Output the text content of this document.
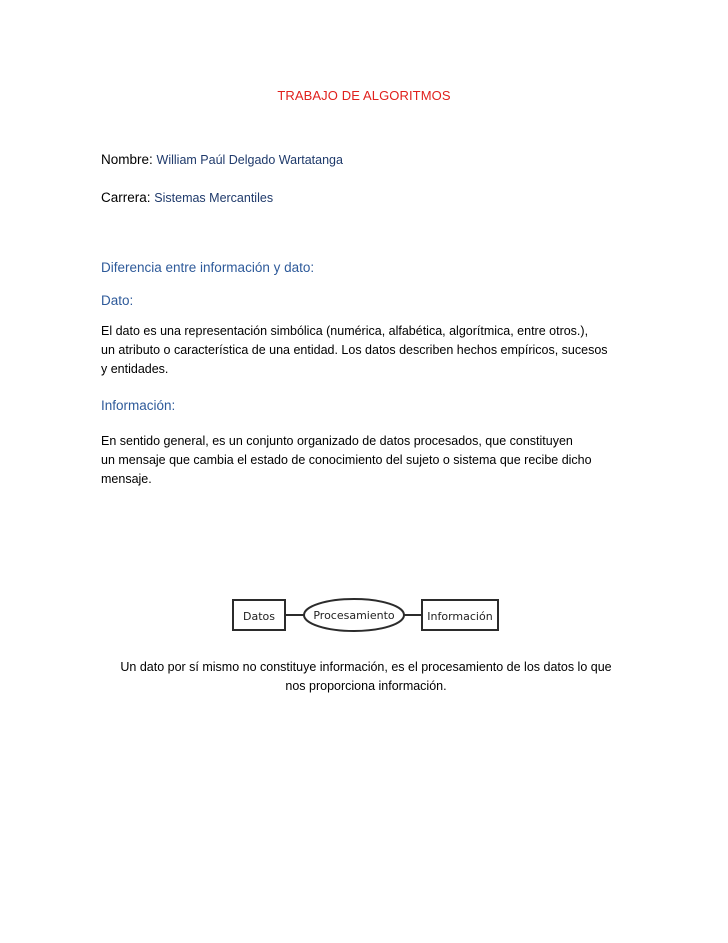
TRABAJO DE ALGORITMOS
Nombre: William Paúl Delgado Wartatanga
Carrera: Sistemas Mercantiles
Diferencia entre información y dato:
Dato:
El dato es una representación simbólica (numérica, alfabética, algorítmica, entre otros.),
un atributo o característica de una entidad. Los datos describen hechos empíricos, sucesos
y entidades.
Información:
En sentido general, es un conjunto organizado de datos procesados, que constituyen
un mensaje que cambia el estado de conocimiento del sujeto o sistema que recibe dicho
mensaje.
Datos	Procesamiento	Información
Un dato por sí mismo no constituye información, es el procesamiento de los datos lo que
nos proporciona información.
